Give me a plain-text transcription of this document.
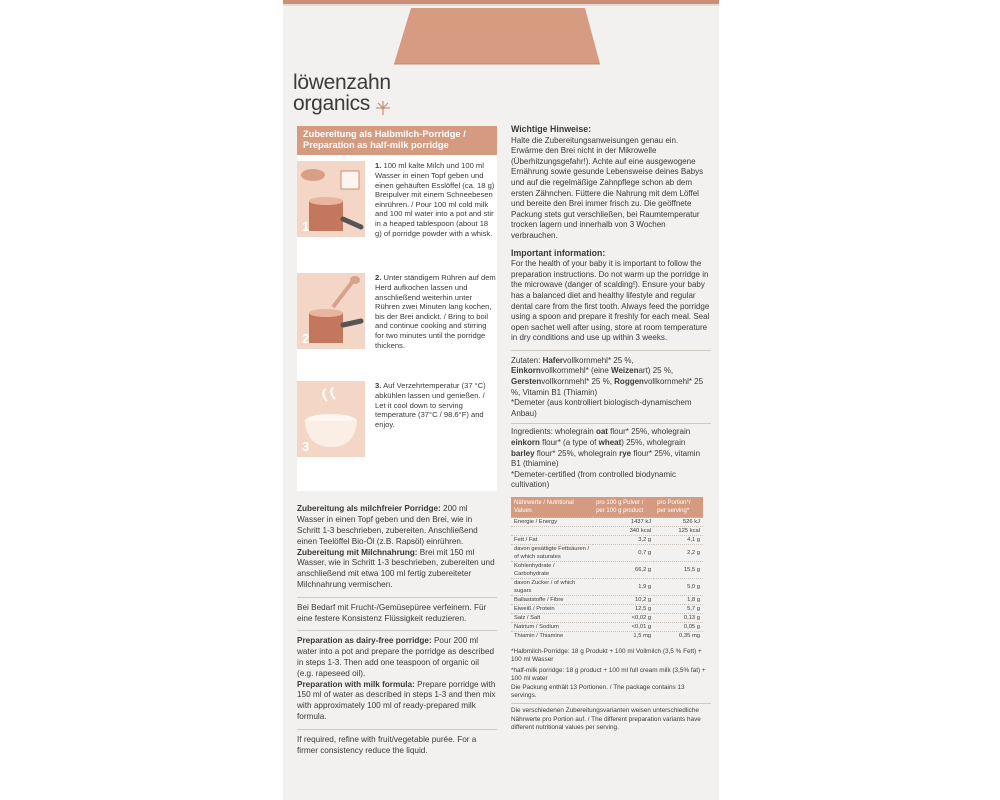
löwenzahn
organics
Zubereitung als Halbmilch-Porridge / Preparation as half-milk porridge
1
1. 100 ml kalte Milch und 100 ml Wasser in einen Topf geben und einen gehäuften Esslöffel (ca. 18 g) Breipulver mit einem Schneebesen einrühren. / Pour 100 ml cold milk and 100 ml water into a pot and stir in a heaped tablespoon (about 18 g) of porridge powder with a whisk.
2
2. Unter ständigem Rühren auf dem Herd aufkochen lassen und anschließend weiterhin unter Rühren zwei Minuten lang kochen, bis der Brei andickt. / Bring to boil and continue cooking and stirring for two minutes until the porridge thickens.
3
3. Auf Verzehrtemperatur (37 °C) abkühlen lassen und genießen. / Let it cool down to serving temperature (37°C / 98.6°F) and enjoy.

Zubereitung als milchfreier Porridge: 200 ml Wasser in einen Topf geben und den Brei, wie in Schritt 1-3 beschrieben, zubereiten. Anschließend einen Teelöffel Bio-Öl (z.B. Rapsöl) einrühren.

Zubereitung mit Milchnahrung: Brei mit 150 ml Wasser, wie in Schritt 1-3 beschrieben, zubereiten und anschließend mit etwa 100 ml fertig zubereiteter Milchnahrung vermischen.

Bei Bedarf mit Frucht-/Gemüsepüree verfeinern. Für eine festere Konsistenz Flüssigkeit reduzieren.

Preparation as dairy-free porridge: Pour 200 ml water into a pot and prepare the porridge as described in steps 1-3. Then add one teaspoon of organic oil (e.g. rapeseed oil).

Preparation with milk formula: Prepare porridge with 150 ml of water as described in steps 1-3 and then mix with approximately 100 ml of ready-prepared milk formula.

If required, refine with fruit/vegetable purée. For a firmer consistency reduce the liquid.

Wichtige Hinweise:
Halte die Zubereitungsanweisungen genau ein. Erwärme den Brei nicht in der Mikrowelle (Überhitzungsgefahr!). Achte auf eine ausgewogene Ernährung sowie gesunde Lebensweise deines Babys und auf die regelmäßige Zahnpflege schon ab dem ersten Zähnchen. Füttere die Nahrung mit dem Löffel und bereite den Brei immer frisch zu. Die geöffnete Packung stets gut verschließen, bei Raumtemperatur trocken lagern und innerhalb von 3 Wochen verbrauchen.
Important information:
For the health of your baby it is important to follow the preparation instructions. Do not warm up the porridge in the microwave (danger of scalding!). Ensure your baby has a balanced diet and healthy lifestyle and regular dental care from the first tooth. Always feed the porridge using a spoon and prepare it freshly for each meal. Seal open sachet well after using, store at room temperature in dry conditions and use up within 3 weeks.
Zutaten: Hafervollkornmehl* 25 %, Einkornvollkornmehl* (eine Weizenart) 25 %, Gerstenvollkornmehl* 25 %, Roggenvollkornmehl* 25 %, Vitamin B1 (Thiamin)
*Demeter (aus kontrolliert biologisch-dynamischem Anbau)
Ingredients: wholegrain oat flour* 25%, wholegrain einkorn flour* (a type of wheat) 25%, wholegrain barley flour* 25%, wholegrain rye flour* 25%, vitamin B1 (thiamine)
*Demeter-certified (from controlled biodynamic cultivation)
Nährwerte / Nutritional Values	pro 100 g Pulver / per 100 g product	pro Portion*/ per serving*
Energie / Energy	1437 kJ	526 kJ
	340 kcal	125 kcal
Fett / Fat	3,2 g	4,1 g
davon gesättigte Fettsäuren / of which saturates	0,7 g	2,2 g
Kohlenhydrate / Carbohydrate	66,2 g	15,5 g
davon Zucker / of which sugars	1,9 g	5,0 g
Ballaststoffe / Fibre	10,2 g	1,8 g
Eiweiß / Protein	12,5 g	5,7 g
Salz / Salt	<0,02 g	0,13 g
Natrium / Sodium	<0,01 g	0,05 g
Thiamin / Thiamine	1,5 mg	0,35 mg
*Halbmilch-Porridge: 18 g Produkt + 100 ml Vollmilch (3,5 % Fett) + 100 ml Wasser
*half-milk porridge: 18 g product + 100 ml full cream milk (3,5% fat) + 100 ml water
Die Packung enthält 13 Portionen. / The package contains 13 servings.
Die verschiedenen Zubereitungsvarianten weisen unterschiedliche Nährwerte pro Portion auf. / The different preparation variants have different nutritional values per serving.
